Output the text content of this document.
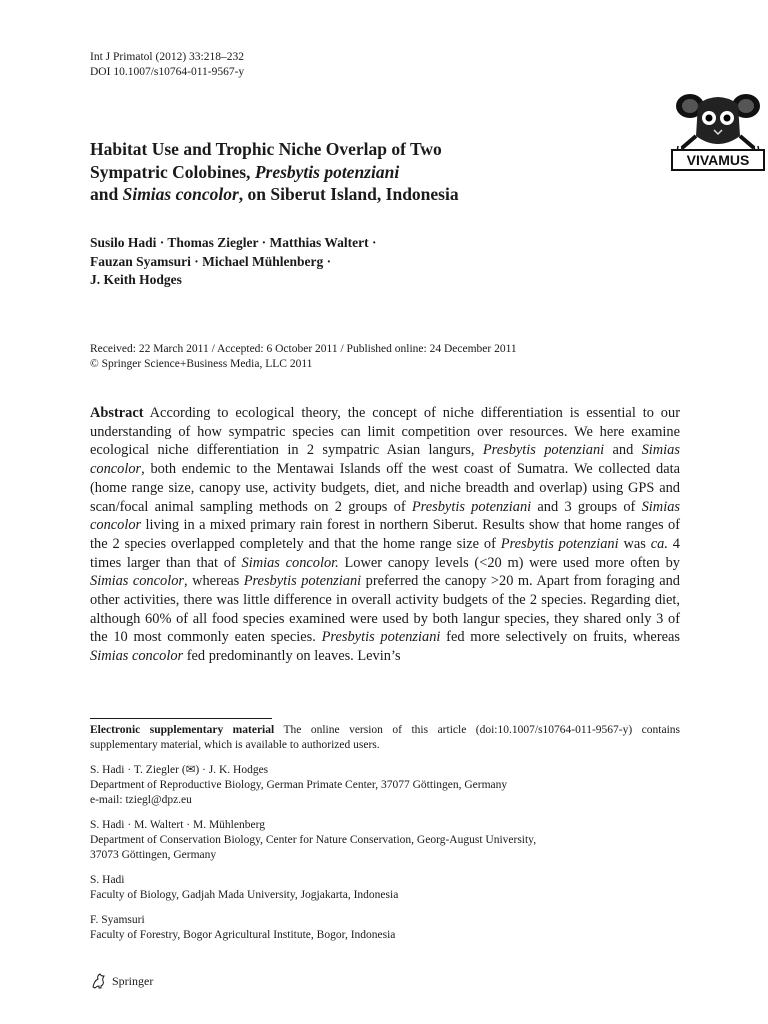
Int J Primatol (2012) 33:218–232
DOI 10.1007/s10764-011-9567-y
Habitat Use and Trophic Niche Overlap of Two
Sympatric Colobines, Presbytis potenziani
and Simias concolor, on Siberut Island, Indonesia
Susilo Hadi · Thomas Ziegler · Matthias Waltert ·
Fauzan Syamsuri · Michael Mühlenberg ·
J. Keith Hodges
Received: 22 March 2011 / Accepted: 6 October 2011 / Published online: 24 December 2011
© Springer Science+Business Media, LLC 2011
Abstract According to ecological theory, the concept of niche differentiation is essential to our understanding of how sympatric species can limit competition over resources. We here examine ecological niche differentiation in 2 sympatric Asian langurs, Presbytis potenziani and Simias concolor, both endemic to the Mentawai Islands off the west coast of Sumatra. We collected data (home range size, canopy use, activity budgets, diet, and niche breadth and overlap) using GPS and scan/focal animal sampling methods on 2 groups of Presbytis potenziani and 3 groups of Simias concolor living in a mixed primary rain forest in northern Siberut. Results show that home ranges of the 2 species overlapped completely and that the home range size of Presbytis potenziani was ca. 4 times larger than that of Simias concolor. Lower canopy levels (<20 m) were used more often by Simias concolor, whereas Presbytis potenziani preferred the canopy >20 m. Apart from foraging and other activities, there was little difference in overall activity budgets of the 2 species. Regarding diet, although 60% of all food species examined were used by both langur species, they shared only 3 of the 10 most commonly eaten species. Presbytis potenziani fed more selectively on fruits, whereas Simias concolor fed predominantly on leaves. Levin’s
Electronic supplementary material The online version of this article (doi:10.1007/s10764-011-9567-y) contains supplementary material, which is available to authorized users.
S. Hadi · T. Ziegler (✉) · J. K. Hodges
Department of Reproductive Biology, German Primate Center, 37077 Göttingen, Germany
e-mail: tziegl@dpz.eu
S. Hadi · M. Waltert · M. Mühlenberg
Department of Conservation Biology, Center for Nature Conservation, Georg-August University,
37073 Göttingen, Germany
S. Hadi
Faculty of Biology, Gadjah Mada University, Jogjakarta, Indonesia
F. Syamsuri
Faculty of Forestry, Bogor Agricultural Institute, Bogor, Indonesia
Springer
VIVAMUS
